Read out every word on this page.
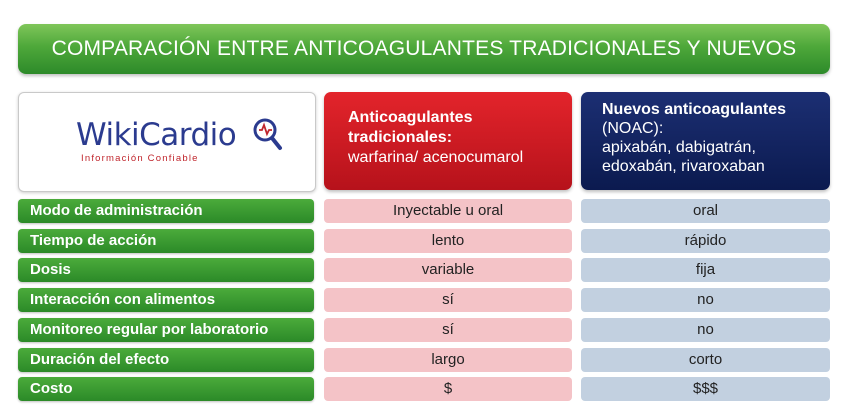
COMPARACIÓN ENTRE ANTICOAGULANTES TRADICIONALES Y NUEVOS
WikiCardio
Información Confiable
Anticoagulantes tradicionales:
warfarina/ acenocumarol
Nuevos anticoagulantes
(NOAC):
apixabán, dabigatrán,
edoxabán, rivaroxaban
Modo de administración	Inyectable u oral	oral
Tiempo de acción	lento	rápido
Dosis	variable	fija
Interacción con alimentos	sí	no
Monitoreo regular por laboratorio	sí	no
Duración del efecto	largo	corto
Costo	$	$$$
